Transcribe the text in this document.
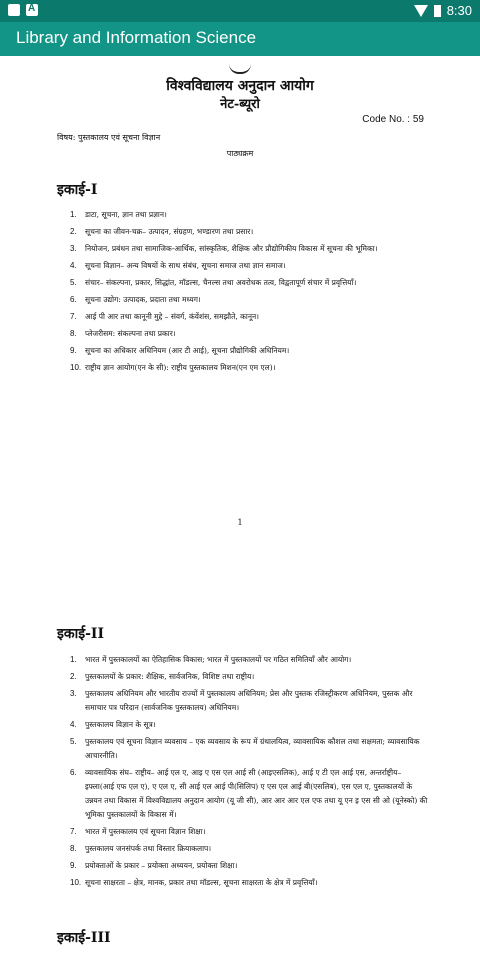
A
8:30
Library and Information Science
विश्वविद्यालय अनुदान आयोग
नेट-ब्यूरो
Code No. : 59
विषय: पुस्तकालय एवं सूचना विज्ञान
पाठ्यक्रम
इकाई-I
1.	डाटा, सूचना, ज्ञान तथा प्रज्ञान।
2.	सूचना का जीवन-चक्र– उत्पादन, संग्रहण, भण्डारण तथा प्रसार।
3.	नियोजन, प्रबंधन तथा सामाजिक-आर्थिक, सांस्कृतिक, शैक्षिक और प्रौद्योगिकीय विकास में सूचना की भूमिका।
4.	सूचना विज्ञान– अन्य विषयों के साथ संबंध, सूचना समाज तथा ज्ञान समाज।
5.	संचार– संकल्पना, प्रकार, सिद्धांत, मॉडल्स, चैनल्स तथा अवरोधक तत्व, विद्वतापूर्ण संचार में प्रवृत्तियाँ।
6.	सूचना उद्योग: उत्पादक, प्रदाता तथा मध्यग।
7.	आई पी आर तथा कानूनी मुद्दे – संवर्ग, कंवेंशंस, समझौते, कानून।
8.	प्लेजरीसम: संकल्पना तथा प्रकार।
9.	सूचना का अधिकार अधिनियम (आर टी आई), सूचना प्रौद्योगिकी अधिनियम।
10. राष्ट्रीय ज्ञान आयोग(एन के सी): राष्ट्रीय पुस्तकालय मिशन(एन एम एल)।
1
इकाई-II
1.	भारत में पुस्तकालयों का ऐतिहासिक विकास; भारत में पुस्तकालयों पर गठित समितियाँ और आयोग।
2.	पुस्तकालयों के प्रकार: शैक्षिक, सार्वजनिक, विशिष्ट तथा राष्ट्रीय।
3.	पुस्तकालय अधिनियम और भारतीय राज्यों में पुस्तकालय अधिनियम; प्रेस और पुस्तक रजिस्ट्रीकरण अधिनियम, पुस्तक और समाचार पत्र परिदान (सार्वजनिक पुस्तकालय) अधिनियम।
4.	पुस्तकालय विज्ञान के सूत्र।
5.	पुस्तकालय एवं सूचना विज्ञान व्यवसाय – एक व्यवसाय के रूप में ग्रंथालयित्व, व्यावसायिक कौशल तथा सक्षमता; व्यावसायिक आचारनीति।
6.	व्यावसायिक संघ– राष्ट्रीय– आई एल ए, आइ ए एस एल आई सी (आइएसलिक), आई ए टी एल आई एस, अन्तर्राष्ट्रीय– इफ्ला(आई एफ एल ए), ए एल ए, सी आई एल आई पी(सिलिप) ए एस एल आई बी(एसलिब), एस एल ए, पुस्तकालयों के उन्नयन तथा विकास में विश्वविद्यालय अनुदान आयोग (यू जी सी), आर आर आर एल एफ तथा यू एन इ एस सी ओ (यूनेस्को) की भूमिका पुस्तकालयों के विकास में।
7.	भारत में पुस्तकालय एवं सूचना विज्ञान शिक्षा।
8.	पुस्तकालय जनसंपर्क तथा विस्तार क्रियाकलाप।
9.	प्रयोक्ताओं के प्रकार – प्रयोक्ता अध्ययन, प्रयोक्ता शिक्षा।
10. सूचना साक्षरता – क्षेत्र, मानक, प्रकार तथा मॉडल्स, सूचना साक्षरता के क्षेत्र में प्रवृत्तियाँ।
इकाई-III
